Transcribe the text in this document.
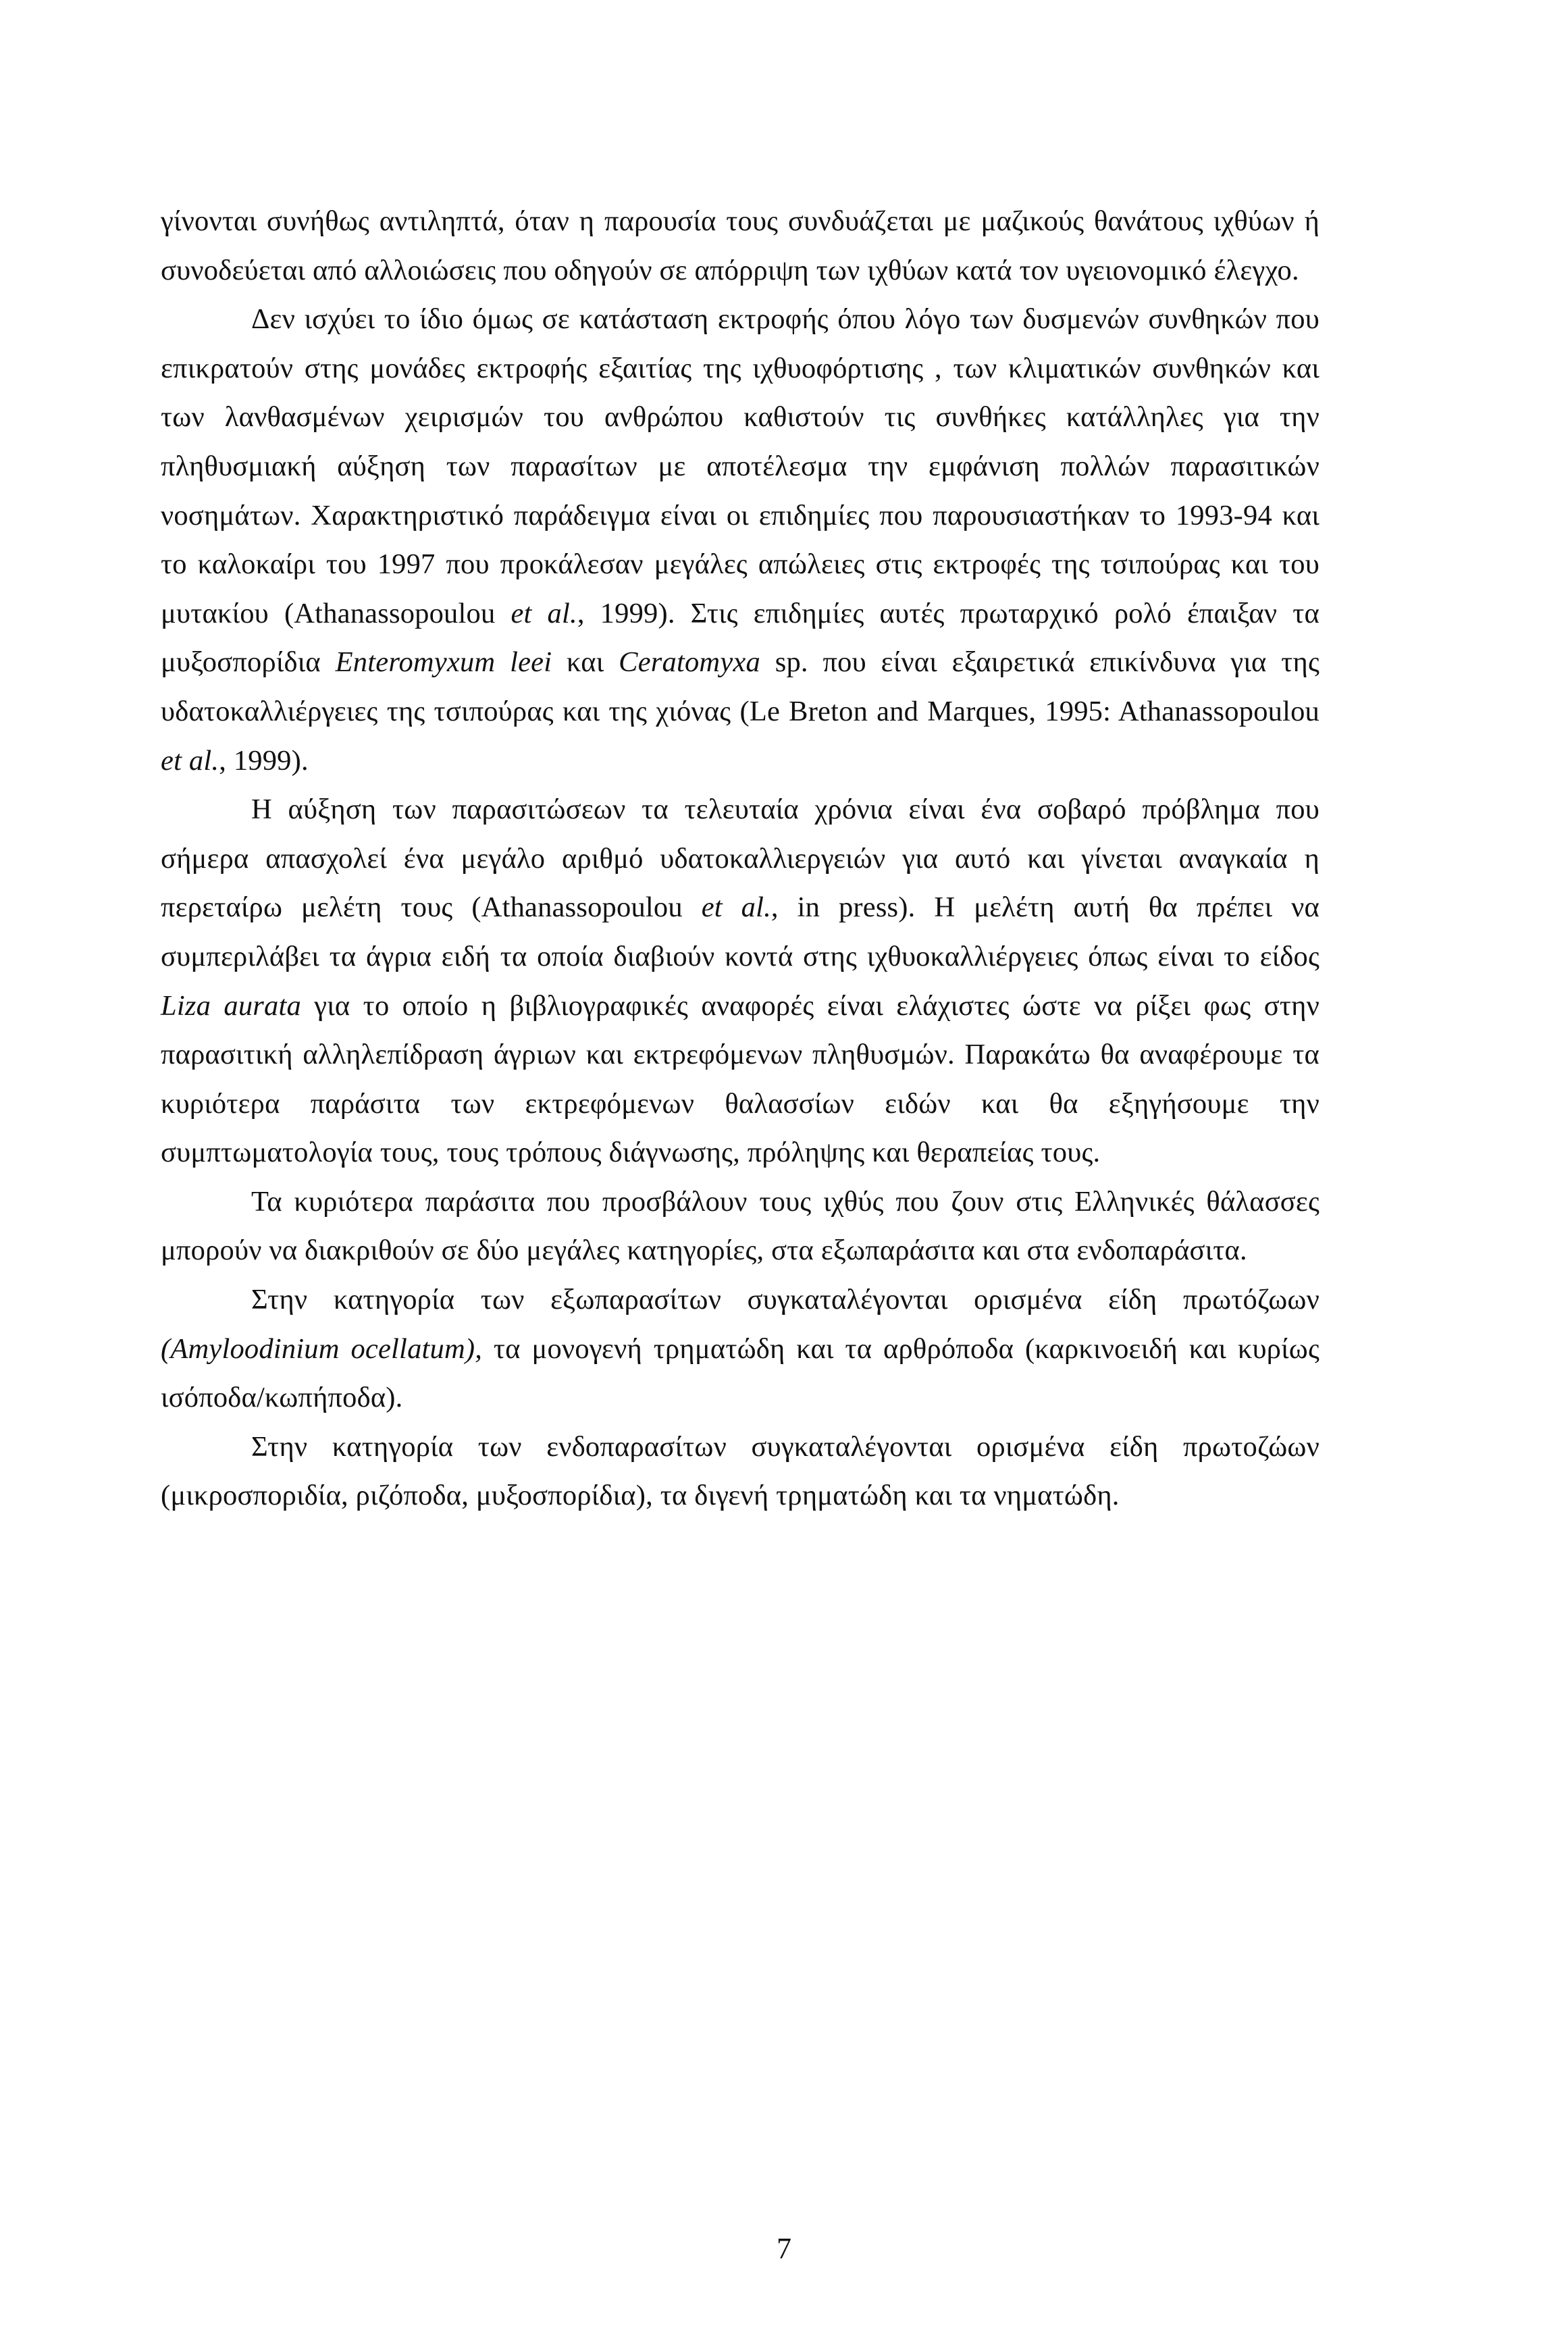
γίνονται συνήθως αντιληπτά, όταν η παρουσία τους συνδυάζεται με μαζικούς θανάτους ιχθύων ή συνοδεύεται από αλλοιώσεις που οδηγούν σε απόρριψη των ιχθύων κατά τον υγειονομικό έλεγχο.

Δεν ισχύει το ίδιο όμως σε κατάσταση εκτροφής όπου λόγο των δυσμενών συνθηκών που επικρατούν στης μονάδες εκτροφής εξαιτίας της ιχθυοφόρτισης , των κλιματικών συνθηκών και των λανθασμένων χειρισμών του ανθρώπου καθιστούν τις συνθήκες κατάλληλες για την πληθυσμιακή αύξηση των παρασίτων με αποτέλεσμα την εμφάνιση πολλών παρασιτικών νοσημάτων. Χαρακτηριστικό παράδειγμα είναι οι επιδημίες που παρουσιαστήκαν το 1993-94 και το καλοκαίρι του 1997 που προκάλεσαν μεγάλες απώλειες στις εκτροφές της τσιπούρας και του μυτακίου (Athanassopoulou et al., 1999). Στις επιδημίες αυτές πρωταρχικό ρολό έπαιξαν τα μυξοσπορίδια Enteromyxum leei και Ceratomyxa sp. που είναι εξαιρετικά επικίνδυνα για της υδατοκαλλιέργειες της τσιπούρας και της χιόνας (Le Breton and Marques, 1995: Athanassopoulou et al., 1999).

Η αύξηση των παρασιτώσεων τα τελευταία χρόνια είναι ένα σοβαρό πρόβλημα που σήμερα απασχολεί ένα μεγάλο αριθμό υδατοκαλλιεργειών για αυτό και γίνεται αναγκαία η περεταίρω μελέτη τους (Athanassopoulou et al., in press). Η μελέτη αυτή θα πρέπει να συμπεριλάβει τα άγρια ειδή τα οποία διαβιούν κοντά στης ιχθυοκαλλιέργειες όπως είναι το είδος Liza aurata για το οποίο η βιβλιογραφικές αναφορές είναι ελάχιστες ώστε να ρίξει φως στην παρασιτική αλληλεπίδραση άγριων και εκτρεφόμενων πληθυσμών. Παρακάτω θα αναφέρουμε τα κυριότερα παράσιτα των εκτρεφόμενων θαλασσίων ειδών και θα εξηγήσουμε την συμπτωματολογία τους, τους τρόπους διάγνωσης, πρόληψης και θεραπείας τους.

Τα κυριότερα παράσιτα που προσβάλουν τους ιχθύς που ζουν στις Ελληνικές θάλασσες μπορούν να διακριθούν σε δύο μεγάλες κατηγορίες, στα εξωπαράσιτα και στα ενδοπαράσιτα.

Στην κατηγορία των εξωπαρασίτων συγκαταλέγονται ορισμένα είδη πρωτόζωων (Amyloodinium ocellatum), τα μονογενή τρηματώδη και τα αρθρόποδα (καρκινοειδή και κυρίως ισόποδα/κωπήποδα).

Στην κατηγορία των ενδοπαρασίτων συγκαταλέγονται ορισμένα είδη πρωτοζώων (μικροσποριδία, ριζόποδα, μυξοσπορίδια), τα διγενή τρηματώδη και τα νηματώδη.

7
